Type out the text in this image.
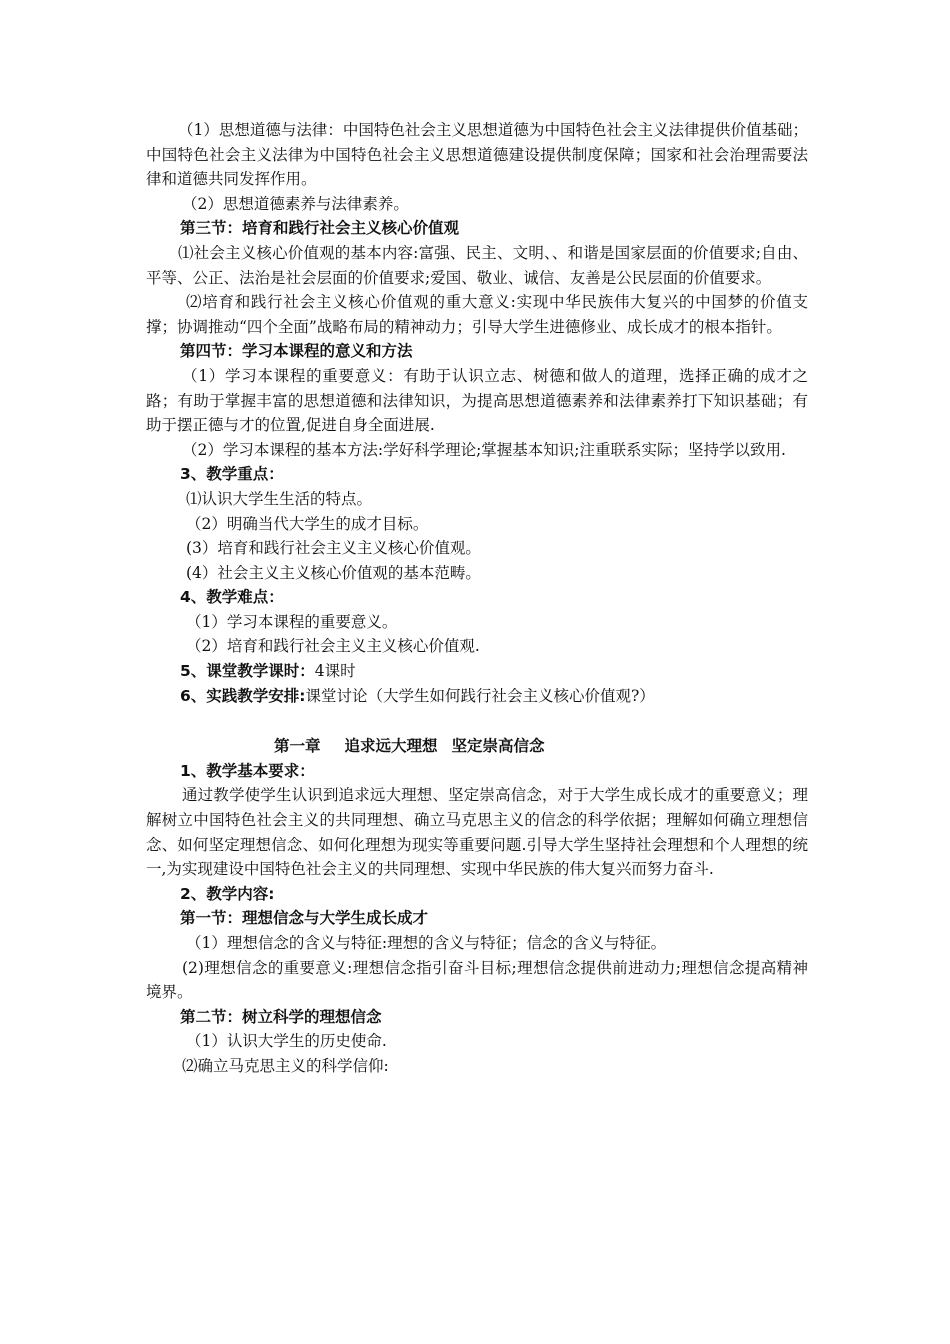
（1）思想道德与法律：中国特色社会主义思想道德为中国特色社会主义法律提供价值基础；中国特色社会主义法律为中国特色社会主义思想道德建设提供制度保障；国家和社会治理需要法律和道德共同发挥作用。

（2）思想道德素养与法律素养。

第三节：培育和践行社会主义核心价值观

⑴社会主义核心价值观的基本内容:富强、民主、文明、、和谐是国家层面的价值要求;自由、平等、公正、法治是社会层面的价值要求;爱国、敬业、诚信、友善是公民层面的价值要求。

⑵培育和践行社会主义核心价值观的重大意义:实现中华民族伟大复兴的中国梦的价值支撑；协调推动“四个全面”战略布局的精神动力；引导大学生进德修业、成长成才的根本指针。

第四节：学习本课程的意义和方法

（1）学习本课程的重要意义：有助于认识立志、树德和做人的道理，选择正确的成才之路；有助于掌握丰富的思想道德和法律知识，为提高思想道德素养和法律素养打下知识基础；有助于摆正德与才的位置,促进自身全面进展.

（2）学习本课程的基本方法:学好科学理论;掌握基本知识;注重联系实际；坚持学以致用.

3、教学重点：

⑴认识大学生生活的特点。

（2）明确当代大学生的成才目标。

(3）培育和践行社会主义主义核心价值观。

(4）社会主义主义核心价值观的基本范畴。

4、教学难点：

（1）学习本课程的重要意义。

（2）培育和践行社会主义主义核心价值观.

5、课堂教学课时：4课时

6、实践教学安排:课堂讨论（大学生如何践行社会主义核心价值观?）

第一章 追求远大理想 坚定崇高信念

1、教学基本要求：

通过教学使学生认识到追求远大理想、坚定崇高信念，对于大学生成长成才的重要意义；理解树立中国特色社会主义的共同理想、确立马克思主义的信念的科学依据；理解如何确立理想信念、如何坚定理想信念、如何化理想为现实等重要问题.引导大学生坚持社会理想和个人理想的统一,为实现建设中国特色社会主义的共同理想、实现中华民族的伟大复兴而努力奋斗.

2、教学内容:

第一节：理想信念与大学生成长成才

（1）理想信念的含义与特征:理想的含义与特征；信念的含义与特征。

(2)理想信念的重要意义:理想信念指引奋斗目标;理想信念提供前进动力;理想信念提高精神境界。

第二节：树立科学的理想信念

（1）认识大学生的历史使命.

⑵确立马克思主义的科学信仰:
